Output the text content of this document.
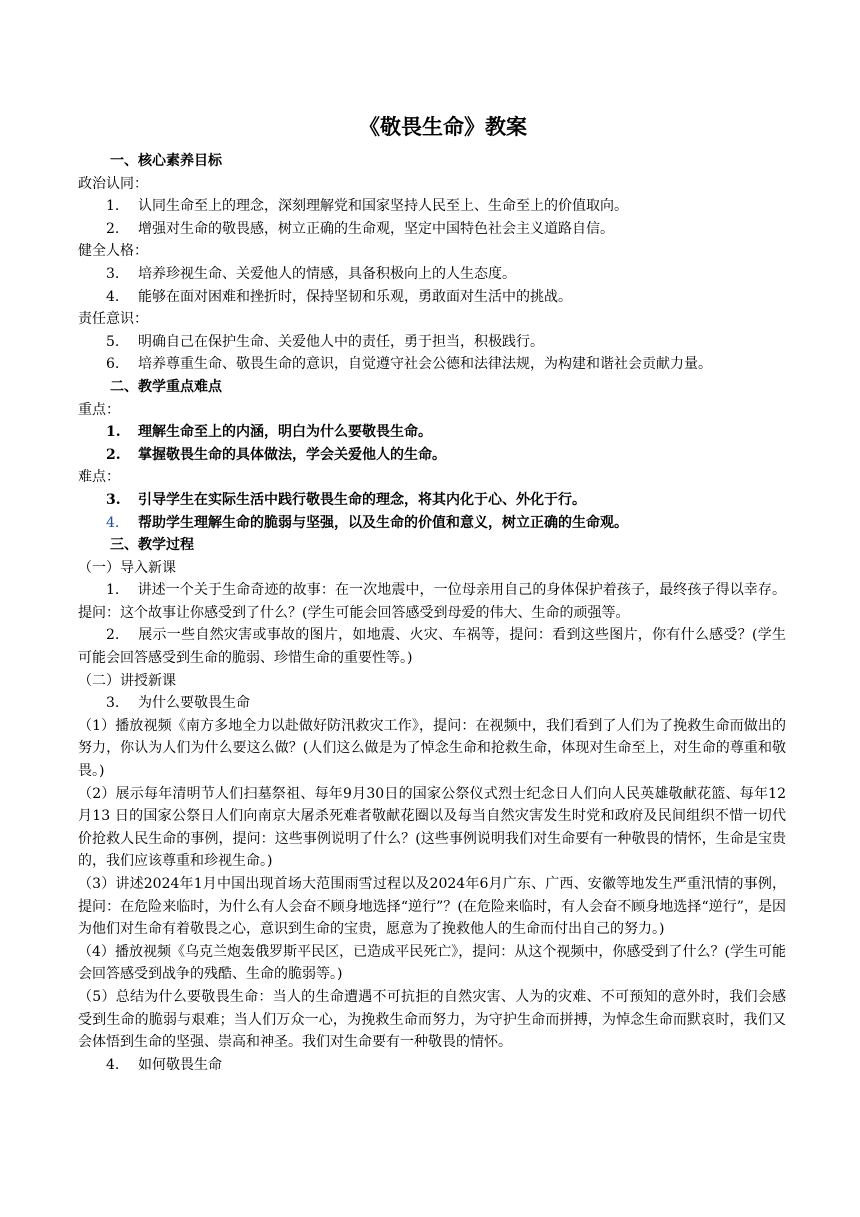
《敬畏生命》教案
一、核心素养目标
政治认同：
1.	认同生命至上的理念，深刻理解党和国家坚持人民至上、生命至上的价值取向。
2.	增强对生命的敬畏感，树立正确的生命观，坚定中国特色社会主义道路自信。
健全人格：
3.	培养珍视生命、关爱他人的情感，具备积极向上的人生态度。
4.	能够在面对困难和挫折时，保持坚韧和乐观，勇敢面对生活中的挑战。
责任意识：
5.	明确自己在保护生命、关爱他人中的责任，勇于担当，积极践行。
6.	培养尊重生命、敬畏生命的意识，自觉遵守社会公德和法律法规，为构建和谐社会贡献力量。
二、教学重点难点
重点：
1.	理解生命至上的内涵，明白为什么要敬畏生命。
2.	掌握敬畏生命的具体做法，学会关爱他人的生命。
难点：
3.	引导学生在实际生活中践行敬畏生命的理念，将其内化于心、外化于行。
4.	帮助学生理解生命的脆弱与坚强，以及生命的价值和意义，树立正确的生命观。
三、教学过程
（一）导入新课
1. 讲述一个关于生命奇迹的故事：在一次地震中，一位母亲用自己的身体保护着孩子，最终孩子得以幸存。提问：这个故事让你感受到了什么？(学生可能会回答感受到母爱的伟大、生命的顽强等。
2. 展示一些自然灾害或事故的图片，如地震、火灾、车祸等，提问：看到这些图片，你有什么感受？(学生可能会回答感受到生命的脆弱、珍惜生命的重要性等。)
（二）讲授新课
3.	为什么要敬畏生命
（1）播放视频《南方多地全力以赴做好防汛救灾工作》，提问：在视频中，我们看到了人们为了挽救生命而做出的努力，你认为人们为什么要这么做？(人们这么做是为了悼念生命和抢救生命，体现对生命至上，对生命的尊重和敬畏。)
（2）展示每年清明节人们扫墓祭祖、每年9月30日的国家公祭仪式烈士纪念日人们向人民英雄敬献花篮、每年12月13 日的国家公祭日人们向南京大屠杀死难者敬献花圈以及每当自然灾害发生时党和政府及民间组织不惜一切代价抢救人民生命的事例，提问：这些事例说明了什么？(这些事例说明我们对生命要有一种敬畏的情怀，生命是宝贵的，我们应该尊重和珍视生命。)
（3）讲述2024年1月中国出现首场大范围雨雪过程以及2024年6月广东、广西、安徽等地发生严重汛情的事例，提问：在危险来临时，为什么有人会奋不顾身地选择“逆行”？(在危险来临时，有人会奋不顾身地选择“逆行”，是因为他们对生命有着敬畏之心，意识到生命的宝贵，愿意为了挽救他人的生命而付出自己的努力。)
（4）播放视频《乌克兰炮轰俄罗斯平民区，已造成平民死亡》，提问：从这个视频中，你感受到了什么？(学生可能会回答感受到战争的残酷、生命的脆弱等。)
（5）总结为什么要敬畏生命：当人的生命遭遇不可抗拒的自然灾害、人为的灾难、不可预知的意外时，我们会感受到生命的脆弱与艰难；当人们万众一心，为挽救生命而努力，为守护生命而拼搏，为悼念生命而默哀时，我们又会体悟到生命的坚强、崇高和神圣。我们对生命要有一种敬畏的情怀。
4.	如何敬畏生命
